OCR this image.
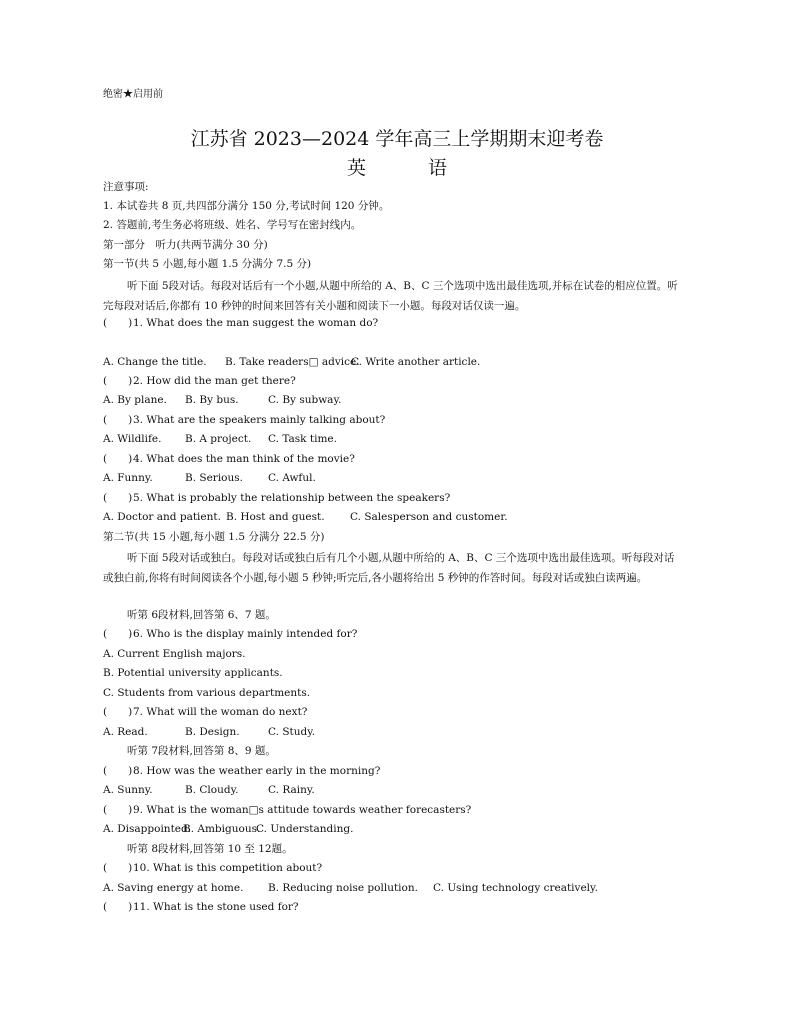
绝密★启用前
江苏省 2023—2024 学年高三上学期期末迎考卷
英 语
注意事项:
1. 本试卷共 8 页,共四部分满分 150 分,考试时间 120 分钟。
2. 答题前,考生务必将班级、姓名、学号写在密封线内。
第一部分　听力(共两节满分 30 分)
第一节(共 5 小题,每小题 1.5 分满分 7.5 分)
听下面 5段对话。每段对话后有一个小题,从题中所给的 A、B、C 三个选项中选出最佳选项,并标在试卷的相应位置。听完每段对话后,你都有 10 秒钟的时间来回答有关小题和阅读下一小题。每段对话仅读一遍。
(　　)1. What does the man suggest the woman do?
A. Change the title. B. Take readers□ advice.C. Write another article.
(　　)2. How did the man get there?
A. By plane. B. By bus.	C. By subway.
(　　)3. What are the speakers mainly talking about?
A. Wildlife. B. A project. C. Task time.
(　　)4. What does the man think of the movie?
A. Funny.	B. Serious. C. Awful.
(　　)5. What is probably the relationship between the speakers?
A. Doctor and patient. B. Host and guest. C. Salesperson and customer.
第二节(共 15 小题,每小题 1.5 分满分 22.5 分)
听下面 5段对话或独白。每段对话或独白后有几个小题,从题中所给的 A、B、C 三个选项中选出最佳选项。听每段对话或独白前,你将有时间阅读各个小题,每小题 5 秒钟;听完后,各小题将给出 5 秒钟的作答时间。每段对话或独白读两遍。
听第 6段材料,回答第 6、7 题。
(　　)6. Who is the display mainly intended for?
A. Current English majors.
B. Potential university applicants.
C. Students from various departments.
(　　)7. What will the woman do next?
A. Read.	B. Design.	C. Study.
听第 7段材料,回答第 8、9 题。
(　　)8. How was the weather early in the morning?
A. Sunny.	B. Cloudy.	C. Rainy.
(　　)9. What is the woman□s attitude towards weather forecasters?
A. Disappointed.B. Ambiguous.C. Understanding.
听第 8段材料,回答第 10 至 12题。
(　　)10. What is this competition about?
A. Saving energy at home. B. Reducing noise pollution. C. Using technology creatively.
(　　)11. What is the stone used for?
